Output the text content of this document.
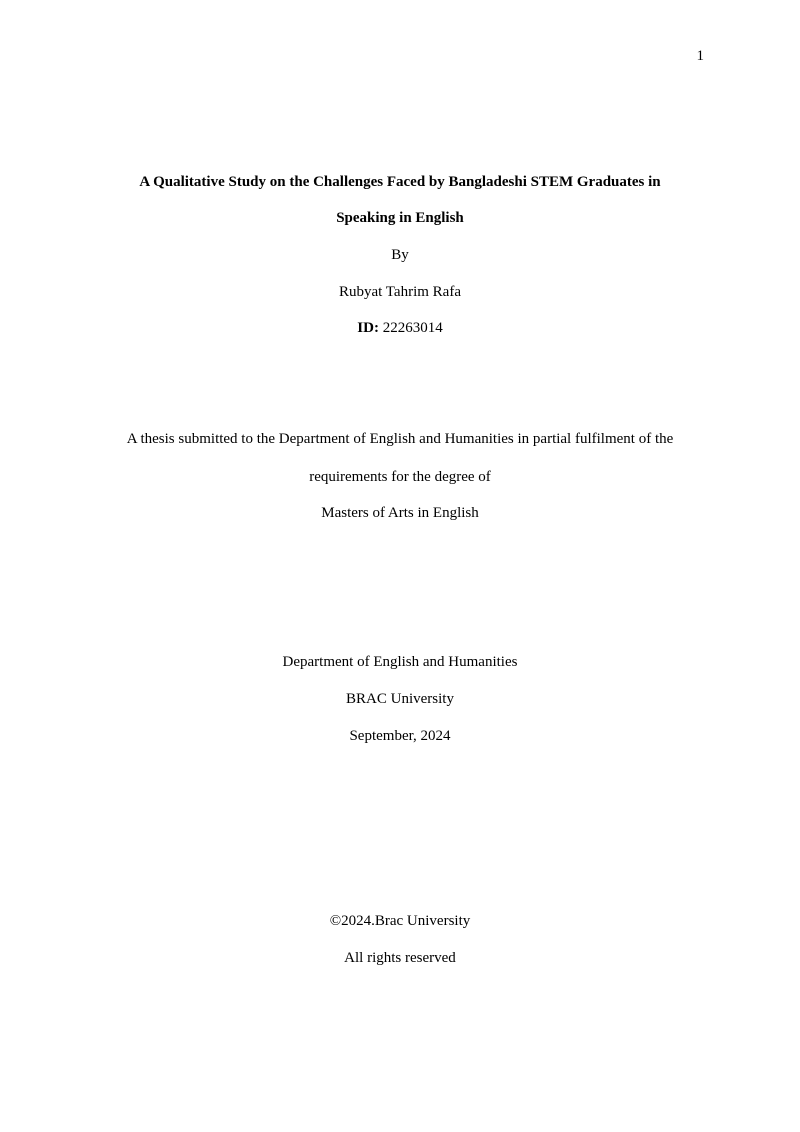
1
A Qualitative Study on the Challenges Faced by Bangladeshi STEM Graduates in
Speaking in English
By
Rubyat Tahrim Rafa
ID: 22263014
A thesis submitted to the Department of English and Humanities in partial fulfilment of the
requirements for the degree of
Masters of Arts in English
Department of English and Humanities
BRAC University
September, 2024
©2024.Brac University
All rights reserved
